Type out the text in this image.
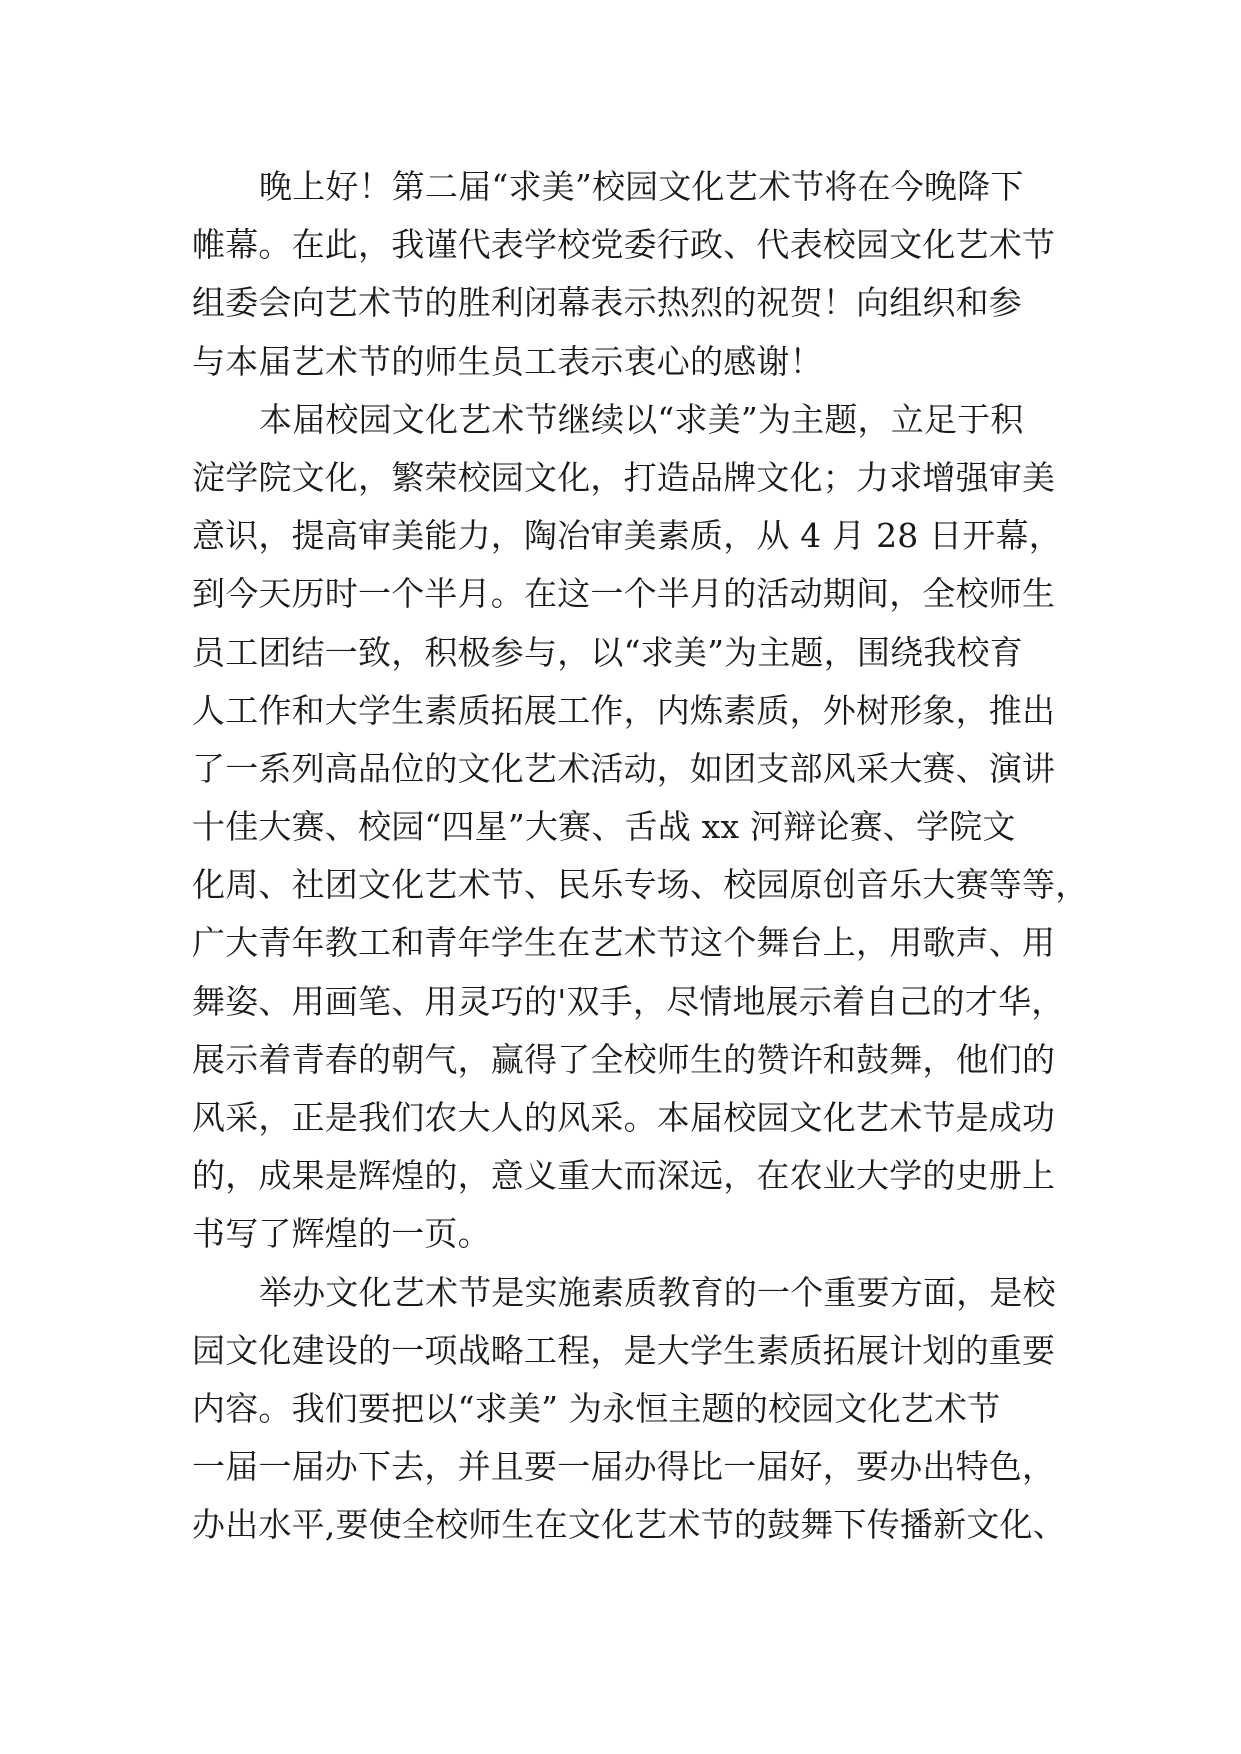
晚上好！第二届“求美”校园文化艺术节将在今晚降下
帷幕。在此，我谨代表学校党委行政、代表校园文化艺术节
组委会向艺术节的胜利闭幕表示热烈的祝贺！向组织和参
与本届艺术节的师生员工表示衷心的感谢！
本届校园文化艺术节继续以“求美”为主题，立足于积
淀学院文化，繁荣校园文化，打造品牌文化；力求增强审美
意识，提高审美能力，陶冶审美素质，从 4 月 28 日开幕，
到今天历时一个半月。在这一个半月的活动期间，全校师生
员工团结一致，积极参与，以“求美”为主题，围绕我校育
人工作和大学生素质拓展工作，内炼素质，外树形象，推出
了一系列高品位的文化艺术活动，如团支部风采大赛、演讲
十佳大赛、校园“四星”大赛、舌战 xx 河辩论赛、学院文
化周、社团文化艺术节、民乐专场、校园原创音乐大赛等等，
广大青年教工和青年学生在艺术节这个舞台上，用歌声、用
舞姿、用画笔、用灵巧的'双手，尽情地展示着自己的才华，
展示着青春的朝气，赢得了全校师生的赞许和鼓舞，他们的
风采，正是我们农大人的风采。本届校园文化艺术节是成功
的，成果是辉煌的，意义重大而深远，在农业大学的史册上
书写了辉煌的一页。
举办文化艺术节是实施素质教育的一个重要方面，是校
园文化建设的一项战略工程，是大学生素质拓展计划的重要
内容。我们要把以“求美” 为永恒主题的校园文化艺术节
一届一届办下去，并且要一届办得比一届好，要办出特色，
办出水平,要使全校师生在文化艺术节的鼓舞下传播新文化、
